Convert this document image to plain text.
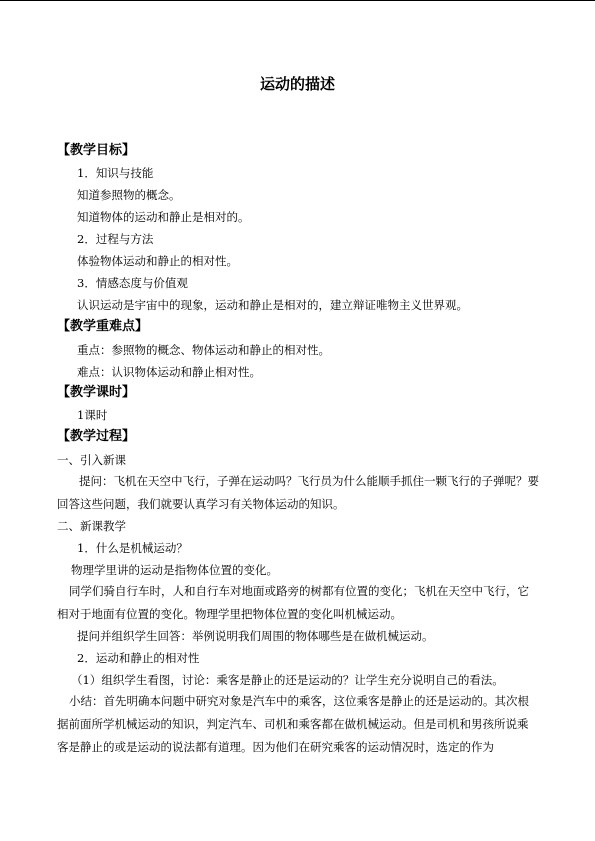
运动的描述
【教学目标】
1．知识与技能
知道参照物的概念。
知道物体的运动和静止是相对的。
2．过程与方法
体验物体运动和静止的相对性。
3．情感态度与价值观
认识运动是宇宙中的现象，运动和静止是相对的，建立辩证唯物主义世界观。
【教学重难点】
重点：参照物的概念、物体运动和静止的相对性。
难点：认识物体运动和静止相对性。
【教学课时】
1课时
【教学过程】
一、引入新课
提问：飞机在天空中飞行，子弹在运动吗？飞行员为什么能顺手抓住一颗飞行的子弹呢？要回答这些问题，我们就要认真学习有关物体运动的知识。
二、新课教学
1．什么是机械运动？
物理学里讲的运动是指物体位置的变化。
同学们骑自行车时，人和自行车对地面或路旁的树都有位置的变化；飞机在天空中飞行，它相对于地面有位置的变化。物理学里把物体位置的变化叫机械运动。
提问并组织学生回答：举例说明我们周围的物体哪些是在做机械运动。
2．运动和静止的相对性
（1）组织学生看图，讨论：乘客是静止的还是运动的？让学生充分说明自己的看法。
小结：首先明确本问题中研究对象是汽车中的乘客，这位乘客是静止的还是运动的。其次根据前面所学机械运动的知识，判定汽车、司机和乘客都在做机械运动。但是司机和男孩所说乘客是静止的或是运动的说法都有道理。因为他们在研究乘客的运动情况时，选定的作为
